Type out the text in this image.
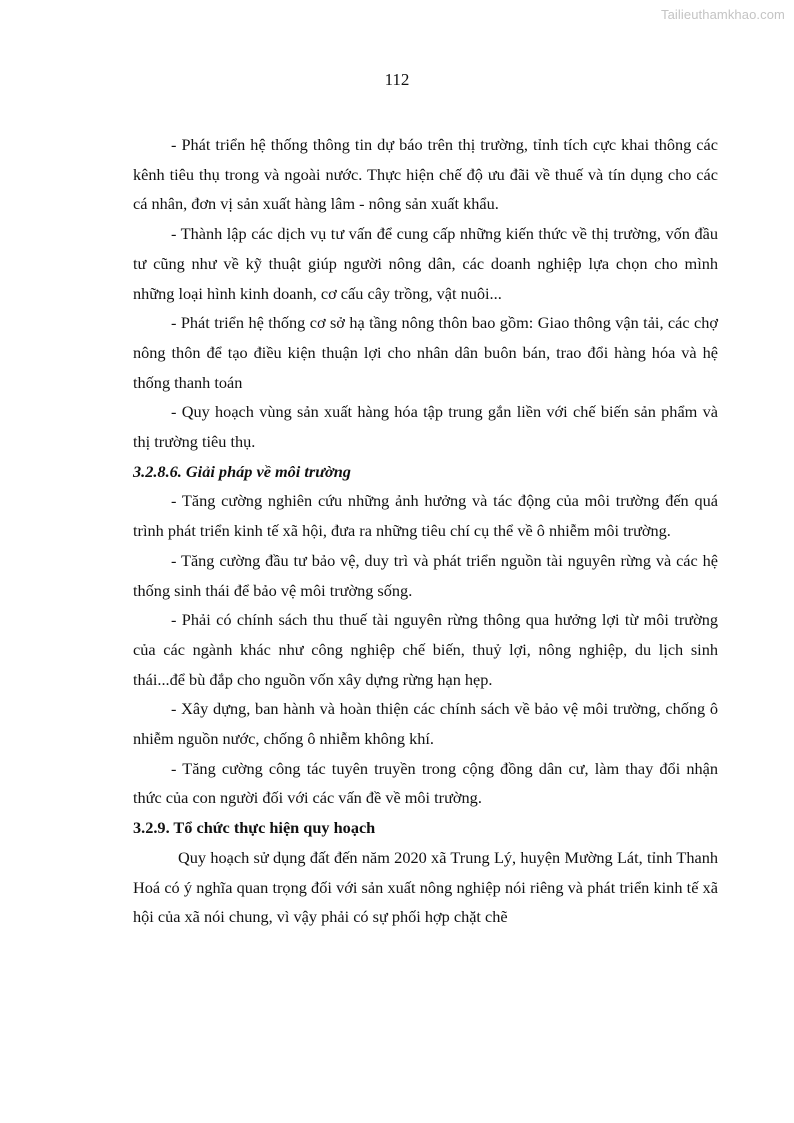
Tailieuthamkhao.com
112

- Phát triển hệ thống thông tin dự báo trên thị trường, tỉnh tích cực khai thông các kênh tiêu thụ trong và ngoài nước. Thực hiện chế độ ưu đãi về thuế và tín dụng cho các cá nhân, đơn vị sản xuất hàng lâm - nông sản xuất khẩu.

- Thành lập các dịch vụ tư vấn để cung cấp những kiến thức về thị trường, vốn đầu tư cũng như về kỹ thuật giúp người nông dân, các doanh nghiệp lựa chọn cho mình những loại hình kinh doanh, cơ cấu cây trồng, vật nuôi...

- Phát triển hệ thống cơ sở hạ tầng nông thôn bao gồm: Giao thông vận tải, các chợ nông thôn để tạo điều kiện thuận lợi cho nhân dân buôn bán, trao đổi hàng hóa và hệ thống thanh toán

- Quy hoạch vùng sản xuất hàng hóa tập trung gắn liền với chế biến sản phẩm và thị trường tiêu thụ.

3.2.8.6. Giải pháp về môi trường

- Tăng cường nghiên cứu những ảnh hưởng và tác động của môi trường đến quá trình phát triển kinh tế xã hội, đưa ra những tiêu chí cụ thể về ô nhiễm môi trường.

- Tăng cường đầu tư bảo vệ, duy trì và phát triển nguồn tài nguyên rừng và các hệ thống sinh thái để bảo vệ môi trường sống.

- Phải có chính sách thu thuế tài nguyên rừng thông qua hưởng lợi từ môi trường của các ngành khác như công nghiệp chế biến, thuỷ lợi, nông nghiệp, du lịch sinh thái...để bù đắp cho nguồn vốn xây dựng rừng hạn hẹp.

- Xây dựng, ban hành và hoàn thiện các chính sách về bảo vệ môi trường, chống ô nhiễm nguồn nước, chống ô nhiễm không khí.

- Tăng cường công tác tuyên truyền trong cộng đồng dân cư, làm thay đổi nhận thức của con người đối với các vấn đề về môi trường.

3.2.9. Tổ chức thực hiện quy hoạch

Quy hoạch sử dụng đất đến năm 2020 xã Trung Lý, huyện Mường Lát, tỉnh Thanh Hoá có ý nghĩa quan trọng đối với sản xuất nông nghiệp nói riêng và phát triển kinh tế xã hội của xã nói chung, vì vậy phải có sự phối hợp chặt chẽ
